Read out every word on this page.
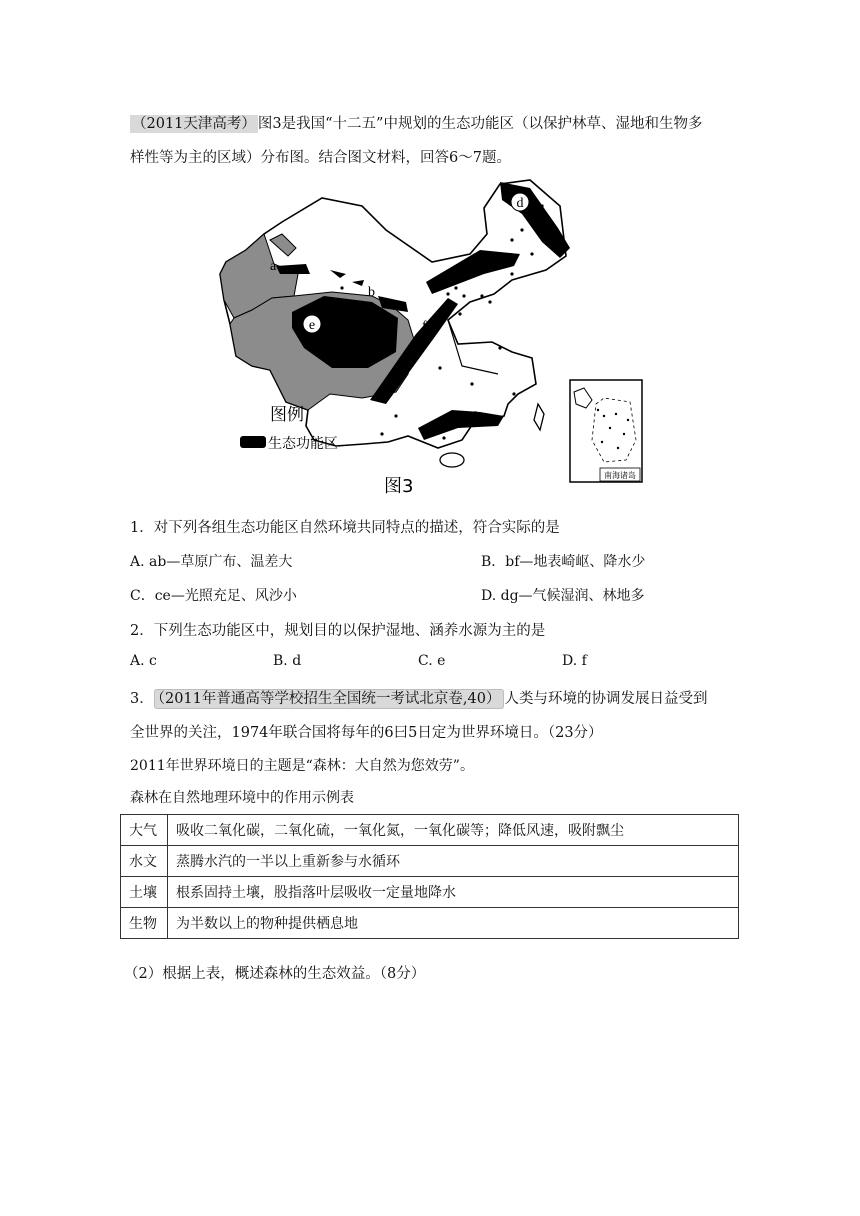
（2011天津高考） 图3是我国“十二五”中规划的生态功能区（以保护林草、湿地和生物多
样性等为主的区域）分布图。结合图文材料，回答6～7题。
d
a
b
c
e	f
g
图例
生态功能区
图3
南海诸岛
1．对下列各组生态功能区自然环境共同特点的描述，符合实际的是
A. ab—草原广布、温差大	B．bf—地表崎岖、降水少
C．ce—光照充足、风沙小	D. dg—气候湿润、林地多
2．下列生态功能区中，规划目的以保护湿地、涵养水源为主的是
A. c	B. d	C. e	D. f
3． （2011年普通高等学校招生全国统一考试北京卷,40） 人类与环境的协调发展日益受到
全世界的关注，1974年联合国将每年的6曰5日定为世界环境日。（23分）
2011年世界环境日的主题是“森林：大自然为您效劳”。
森林在自然地理环境中的作用示例表
大气	吸收二氧化碳，二氧化硫，一氧化氮，一氧化碳等；降低风速，吸附飘尘
水文	蒸腾水汽的一半以上重新参与水循环
土壤	根系固持土壤，股指落叶层吸收一定量地降水
生物	为半数以上的物种提供栖息地
（2）根据上表，概述森林的生态效益。（8分）
